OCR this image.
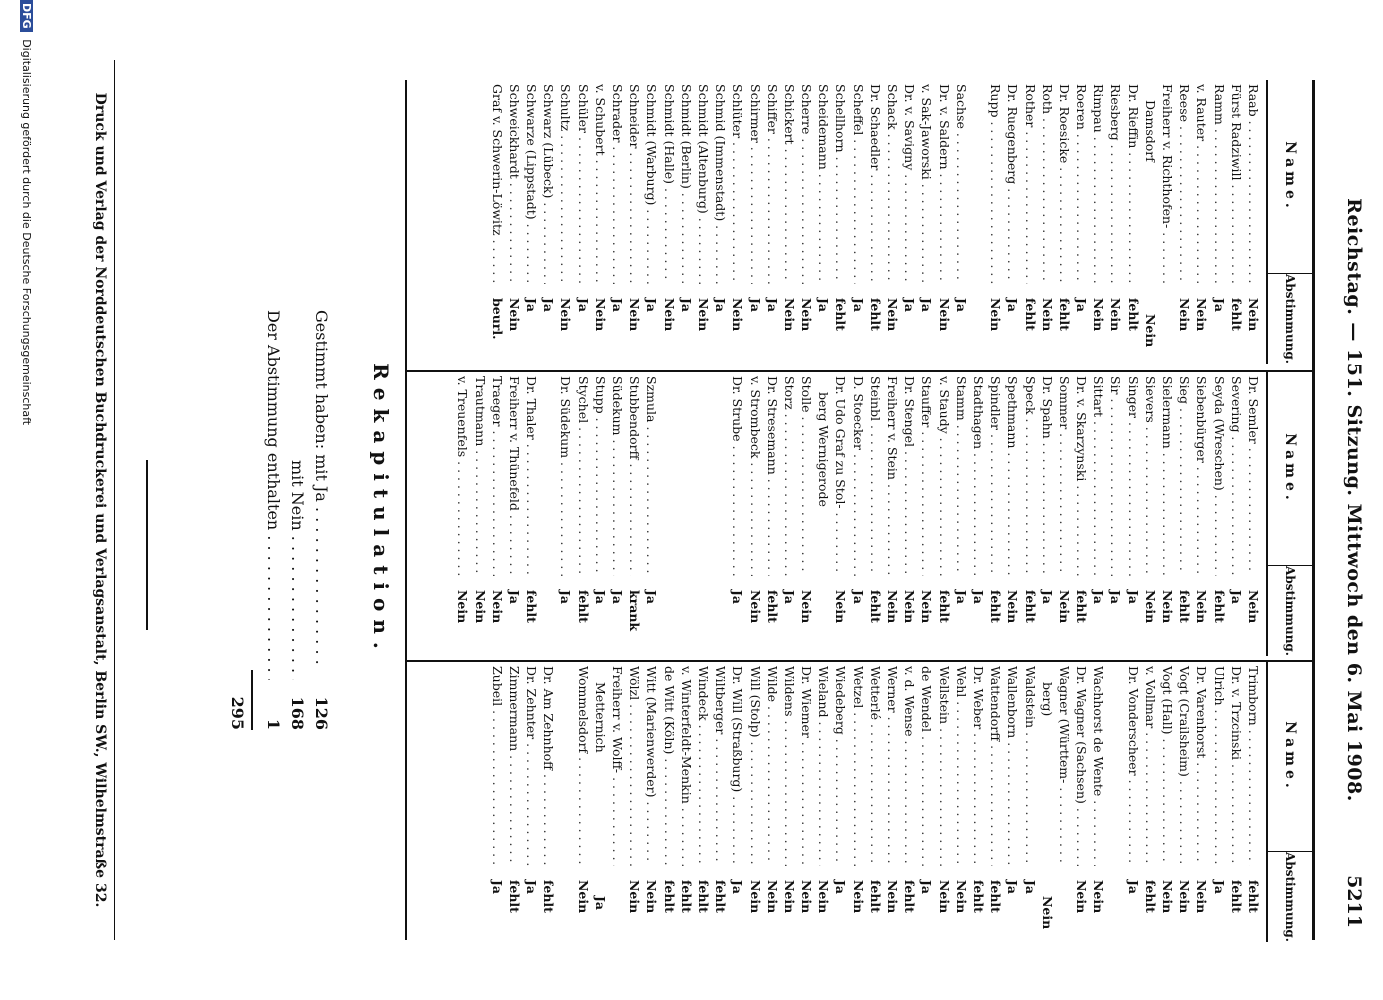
Reichstag. — 151. Sitzung. Mittwoch den 6. Mai 1908.
5211
Name.
Abstimmung.
Raab . . .
Nein
Fürst Radziwill . . .
fehlt
Ramm . . .
Ja
v. Rauter . . .
Nein
Reese . . .
Nein
Freiherr v. Richthofen- . . .
Damsdorf
Nein
Dr. Rieffin . . .
fehlt
Riesberg . . .
Nein
Rimpau . . .
Nein
Roeren . . .
Ja
Dr. Roesicke . . .
fehlt
Roth . . .
Nein
Rother . . .
fehlt
Dr. Ruegenberg . . .
Ja
Rupp . . .
Nein
Sachse . . .
Ja
Dr. v. Saldern . . .
Nein
v. Sak-Jaworski . . .
Ja
Dr. v. Savigny . . .
Ja
Schack . . .
Nein
Dr. Schaedler . . .
fehlt
Scheffel . . .
Ja
Schellhorn . . .
fehlt
Scheidemann . . .
Ja
Scherre . . .
Nein
Schickert . . .
Nein
Schiffer . . .
Ja
Schirmer . . .
Ja
Schlüter . . .
Nein
Schmid (Immenstadt) . . .
Ja
Schmidt (Altenburg) . . .
Nein
Schmidt (Berlin) . . .
Ja
Schmidt (Halle) . . .
Nein
Schmidt (Warburg) . . .
Ja
Schneider . . .
Nein
Schrader . . .
Ja
v. Schubert . . .
Nein
Schüler . . .
Ja
Schultz . . .
Nein
Schwarz (Lübeck) . . .
Ja
Schwarze (Lippstadt) . . .
Ja
Schweickhardt . . .
Nein
Graf v. Schwerin-Löwitz . . .
beurl.
Name.
Abstimmung.
Dr. Semler . . .
Nein
Severing . . .
Ja
Seyda (Wreschen) . . .
fehlt
Siebenbürger . . .
Nein
Sieg . . .
fehlt
Sielermann . . .
Nein
Sievers . . .
Nein
Singer . . .
Ja
Sir . . .
Ja
Sittart . . .
Ja
Dr. v. Skarzynski . . .
fehlt
Sommer . . .
Nein
Dr. Spahn . . .
Ja
Speck . . .
fehlt
Spethmann . . .
Nein
Spindler . . .
fehlt
Stadthagen . . .
Ja
Stamm . . .
Ja
v. Staudy . . .
fehlt
Stauffer . . .
Nein
Dr. Stengel . . .
Nein
Freiherr v. Stein . . .
Nein
Steinbl . . .
fehlt
D. Stoecker . . .
Ja
Dr. Udo Graf zu Stol- . . .
Nein
berg Wernigerode
Stolle . . .
Nein
Storz . . .
Ja
Dr. Stresemann . . .
fehlt
v. Strombeck . . .
Nein
Dr. Strube . . .
Ja
Szmula . . .
Ja
Stubbendorff . . .
krank
Südekum . . .
Ja
Stupp . . .
Ja
Stychel . . .
fehlt
Dr. Südekum . . .
Ja
Dr. Thaler . . .
fehlt
Freiherr v. Thünefeld . . .
Ja
Traeger . . .
Nein
Trautmann . . .
Nein
v. Treuenfels . . .
Nein
Name.
Abstimmung.
Trimborn . . .
fehlt
Dr. v. Trzcinski . . .
fehlt
Ulrich . . .
Ja
Dr. Varenhorst . . .
Nein
Vogt (Crailsheim) . . .
Nein
Vogt (Hall) . . .
Nein
v. Vollmar . . .
fehlt
Dr. Vonderscheer . . .
Ja
Wachhorst de Wente . . .
Nein
Dr. Wagner (Sachsen) . . .
Nein
Wagner (Württem- . . .
berg)
Nein
Waldstein . . .
Ja
Wallenborn . . .
Ja
Wattendorff . . .
fehlt
Dr. Weber . . .
fehlt
Wehl . . .
Nein
Wellstein . . .
Nein
de Wendel . . .
Ja
v. d. Wense . . .
fehlt
Werner . . .
Nein
Wetterlé . . .
fehlt
Wetzel . . .
Nein
Wiedeberg . . .
Ja
Wieland . . .
Nein
Dr. Wiemer . . .
Nein
Wildens . . .
Nein
Wilde . . .
Nein
Will (Stolp) . . .
Nein
Dr. Will (Straßburg) . . .
Ja
Wiltberger . . .
fehlt
Windeck . . .
fehlt
v. Winterfeldt-Menkin . . .
fehlt
de Witt (Köln) . . .
fehlt
Witt (Marienwerder) . . .
Nein
Wölzl . . .
Nein
Freiherr v. Wolff- . . .
Metternich
Ja
Wommelsdorf . . .
Nein
Dr. Am Zehnhoff . . .
fehlt
Dr. Zehnter . . .
Ja
Zimmermann . . .
fehlt
Zubeil . . .
Ja
Rekapitulation.
Gestimmt haben: mit Ja . . .
126
mit Nein . . .
168
Der Abstimmung enthalten . . .
1
295
Druck und Verlag der Norddeutschen Buchdruckerei und Verlagsanstalt, Berlin SW., Wilhelmstraße 32.
DFG Digitalisierung gefördert durch die Deutsche Forschungsgemeinschaft
